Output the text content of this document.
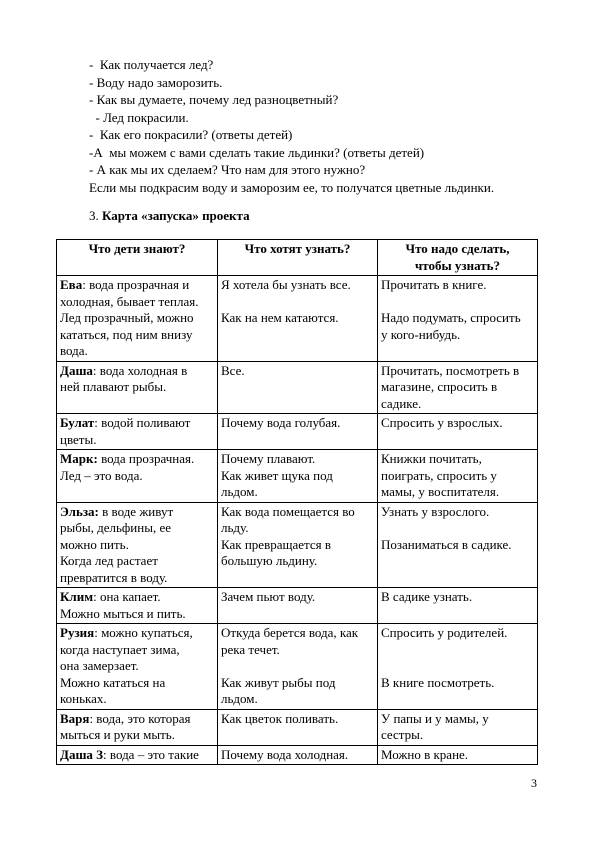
-  Как получается лед?
- Воду надо заморозить.
- Как вы думаете, почему лед разноцветный?
- Лед покрасили.
-  Как его покрасили? (ответы детей)
-А  мы можем с вами сделать такие льдинки? (ответы детей)
- А как мы их сделаем? Что нам для этого нужно?
Если мы подкрасим воду и заморозим ее, то получатся цветные льдинки.
3. Карта «запуска» проекта
Что дети знают?	Что хотят узнать?	Что надо сделать,
чтобы узнать?

Ева: вода прозрачная и
холодная, бывает теплая.
Лед прозрачный, можно
кататься, под ним внизу
вода.	Я хотела бы узнать все.
Как на нем катаются.	Прочитать в книге.
Надо подумать, спросить
у кого-нибудь.

Даша: вода холодная в
ней плавают рыбы.	Все.	Прочитать, посмотреть в
магазине, спросить в
садике.

Булат: водой поливают
цветы.	Почему вода голубая.	Спросить у взрослых.

Марк: вода прозрачная.
Лед – это вода.	Почему плавают.
Как живет щука под
льдом.	Книжки почитать,
поиграть, спросить у
мамы, у воспитателя.

Эльза: в воде живут
рыбы, дельфины, ее
можно пить.
Когда лед растает
превратится в воду.	Как вода помещается во
льду.
Как превращается в
большую льдину.	Узнать у взрослого.
Позаниматься в садике.

Клим: она капает.
Можно мыться и пить.	Зачем пьют воду.	В садике узнать.

Рузия: можно купаться,
когда наступает зима,
она замерзает.
Можно кататься на
коньках.	Откуда берется вода, как
река течет.
Как живут рыбы под
льдом.	Спросить у родителей.
В книге посмотреть.

Варя: вода, это которая
мыться и руки мыть.	Как цветок поливать.	У папы и у мамы, у
сестры.

Даша З: вода – это такие	Почему вода холодная.	Можно в кране.
3
